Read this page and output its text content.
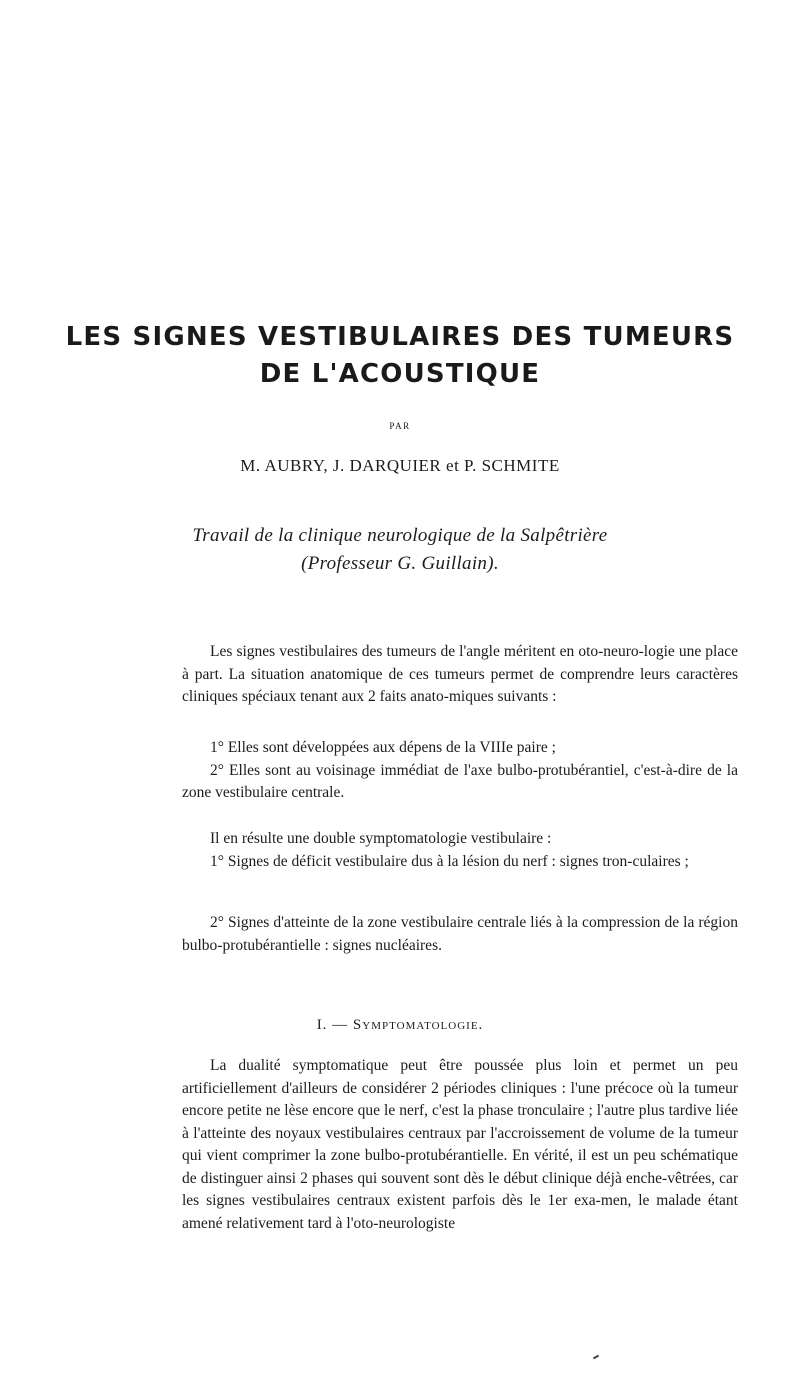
LES SIGNES VESTIBULAIRES DES TUMEURS
DE L'ACOUSTIQUE
PAR
M. AUBRY, J. DARQUIER et P. SCHMITE
Travail de la clinique neurologique de la Salpêtrière
(Professeur G. Guillain).

Les signes vestibulaires des tumeurs de l'angle méritent en oto-neuro-logie une place à part. La situation anatomique de ces tumeurs permet de comprendre leurs caractères cliniques spéciaux tenant aux 2 faits anato-miques suivants :

1° Elles sont développées aux dépens de la VIIIe paire ;

2° Elles sont au voisinage immédiat de l'axe bulbo-protubérantiel, c'est-à-dire de la zone vestibulaire centrale.

Il en résulte une double symptomatologie vestibulaire :

1° Signes de déficit vestibulaire dus à la lésion du nerf : signes tron-culaires ;

2° Signes d'atteinte de la zone vestibulaire centrale liés à la compression de la région bulbo-protubérantielle : signes nucléaires.

I. — Symptomatologie.

La dualité symptomatique peut être poussée plus loin et permet un peu artificiellement d'ailleurs de considérer 2 périodes cliniques : l'une précoce où la tumeur encore petite ne lèse encore que le nerf, c'est la phase tronculaire ; l'autre plus tardive liée à l'atteinte des noyaux vestibulaires centraux par l'accroissement de volume de la tumeur qui vient comprimer la zone bulbo-protubérantielle. En vérité, il est un peu schématique de distinguer ainsi 2 phases qui souvent sont dès le début clinique déjà enche-vêtrées, car les signes vestibulaires centraux existent parfois dès le 1er exa-men, le malade étant amené relativement tard à l'oto-neurologiste
